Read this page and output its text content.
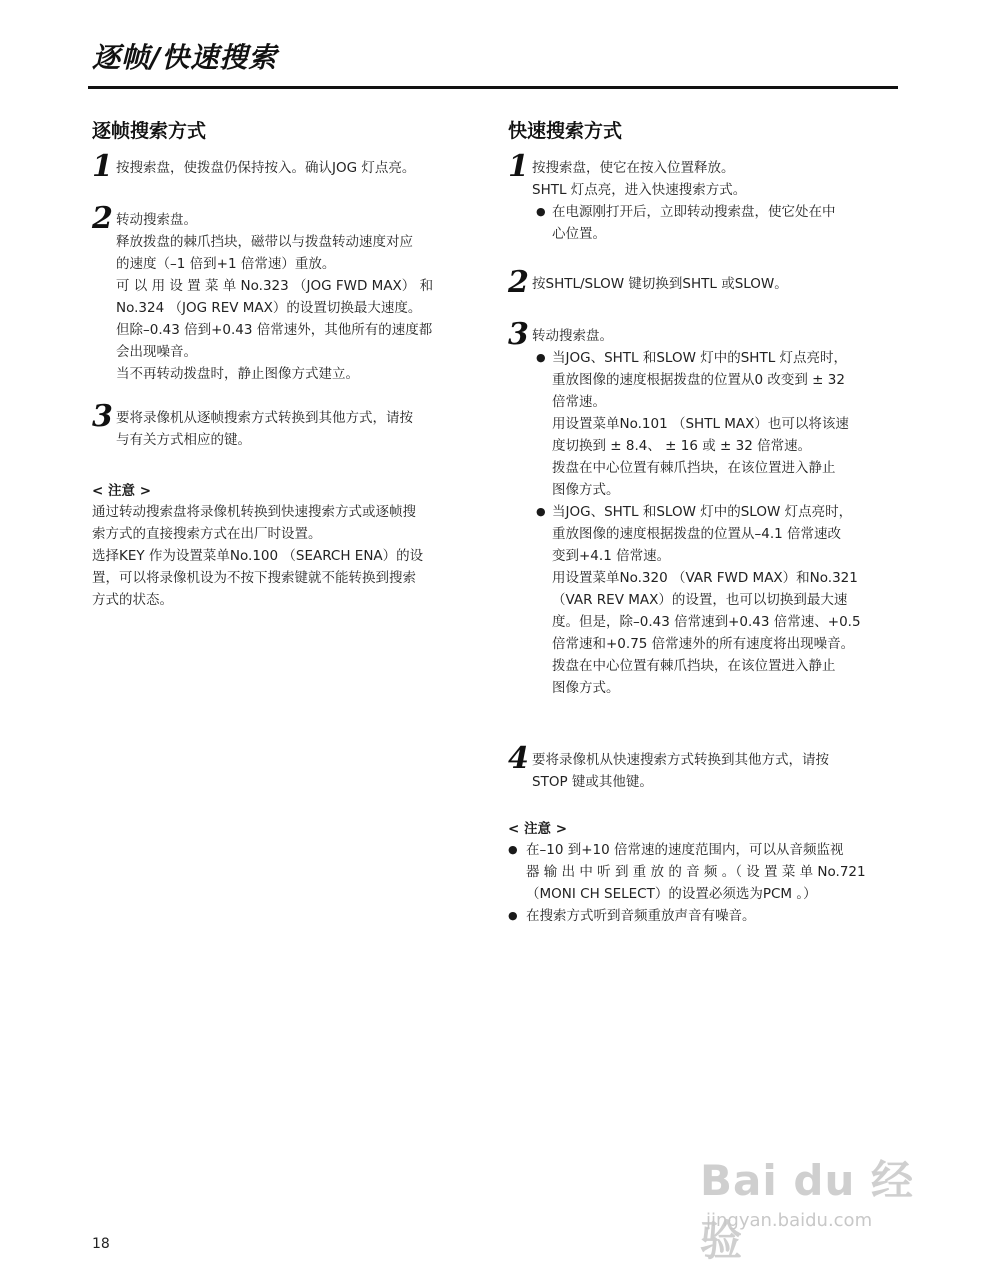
逐帧/快速搜索
逐帧搜索方式
1 按搜索盘，使拨盘仍保持按入。确认JOG 灯点亮。

2 转动搜索盘。

释放拨盘的棘爪挡块，磁带以与拨盘转动速度对应

的速度（–1 倍到+1 倍常速）重放。

可 以 用 设 置 菜 单 No.323 （JOG FWD MAX） 和

No.324 （JOG REV MAX）的设置切换最大速度。

但除–0.43 倍到+0.43 倍常速外，其他所有的速度都

会出现噪音。

当不再转动拨盘时，静止图像方式建立。

3 要将录像机从逐帧搜索方式转换到其他方式，请按

与有关方式相应的键。

< 注意 >

通过转动搜索盘将录像机转换到快速搜索方式或逐帧搜

索方式的直接搜索方式在出厂时设置。

选择KEY 作为设置菜单No.100 （SEARCH ENA）的设

置，可以将录像机设为不按下搜索键就不能转换到搜索

方式的状态。

快速搜索方式
1 按搜索盘，使它在按入位置释放。

SHTL 灯点亮，进入快速搜索方式。

● 在电源刚打开后，立即转动搜索盘，使它处在中

心位置。

2 按SHTL/SLOW 键切换到SHTL 或SLOW。

3 转动搜索盘。

● 当JOG、SHTL 和SLOW 灯中的SHTL 灯点亮时，

重放图像的速度根据拨盘的位置从0 改变到 ± 32

倍常速。

用设置菜单No.101 （SHTL MAX）也可以将该速

度切换到 ± 8.4、 ± 16 或 ± 32 倍常速。

拨盘在中心位置有棘爪挡块，在该位置进入静止

图像方式。

● 当JOG、SHTL 和SLOW 灯中的SLOW 灯点亮时，

重放图像的速度根据拨盘的位置从–4.1 倍常速改

变到+4.1 倍常速。

用设置菜单No.320 （VAR FWD MAX）和No.321

（VAR REV MAX）的设置，也可以切换到最大速

度。但是，除–0.43 倍常速到+0.43 倍常速、+0.5

倍常速和+0.75 倍常速外的所有速度将出现噪音。

拨盘在中心位置有棘爪挡块，在该位置进入静止

图像方式。

4 要将录像机从快速搜索方式转换到其他方式，请按

STOP 键或其他键。

< 注意 >
● 在–10 到+10 倍常速的速度范围内，可以从音频监视

器 输 出 中 听 到 重 放 的 音 频 。（ 设 置 菜 单 No.721

（MONI CH SELECT）的设置必须选为PCM 。）

● 在搜索方式听到音频重放声音有噪音。

Bai du 经验
jingyan.baidu.com
18
